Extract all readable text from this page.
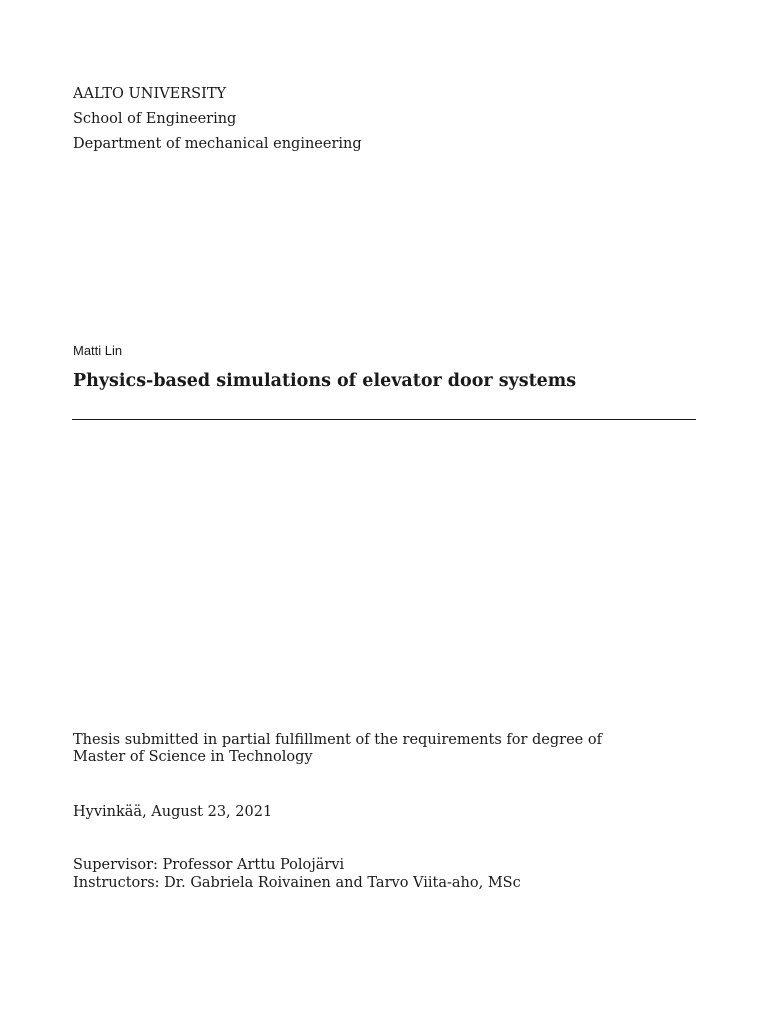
AALTO UNIVERSITY
School of Engineering
Department of mechanical engineering
Matti Lin
Physics-based simulations of elevator door systems
Thesis submitted in partial fulfillment of the requirements for degree of
Master of Science in Technology
Hyvinkää, August 23, 2021
Supervisor: Professor Arttu Polojärvi
Instructors: Dr. Gabriela Roivainen and Tarvo Viita-aho, MSc
